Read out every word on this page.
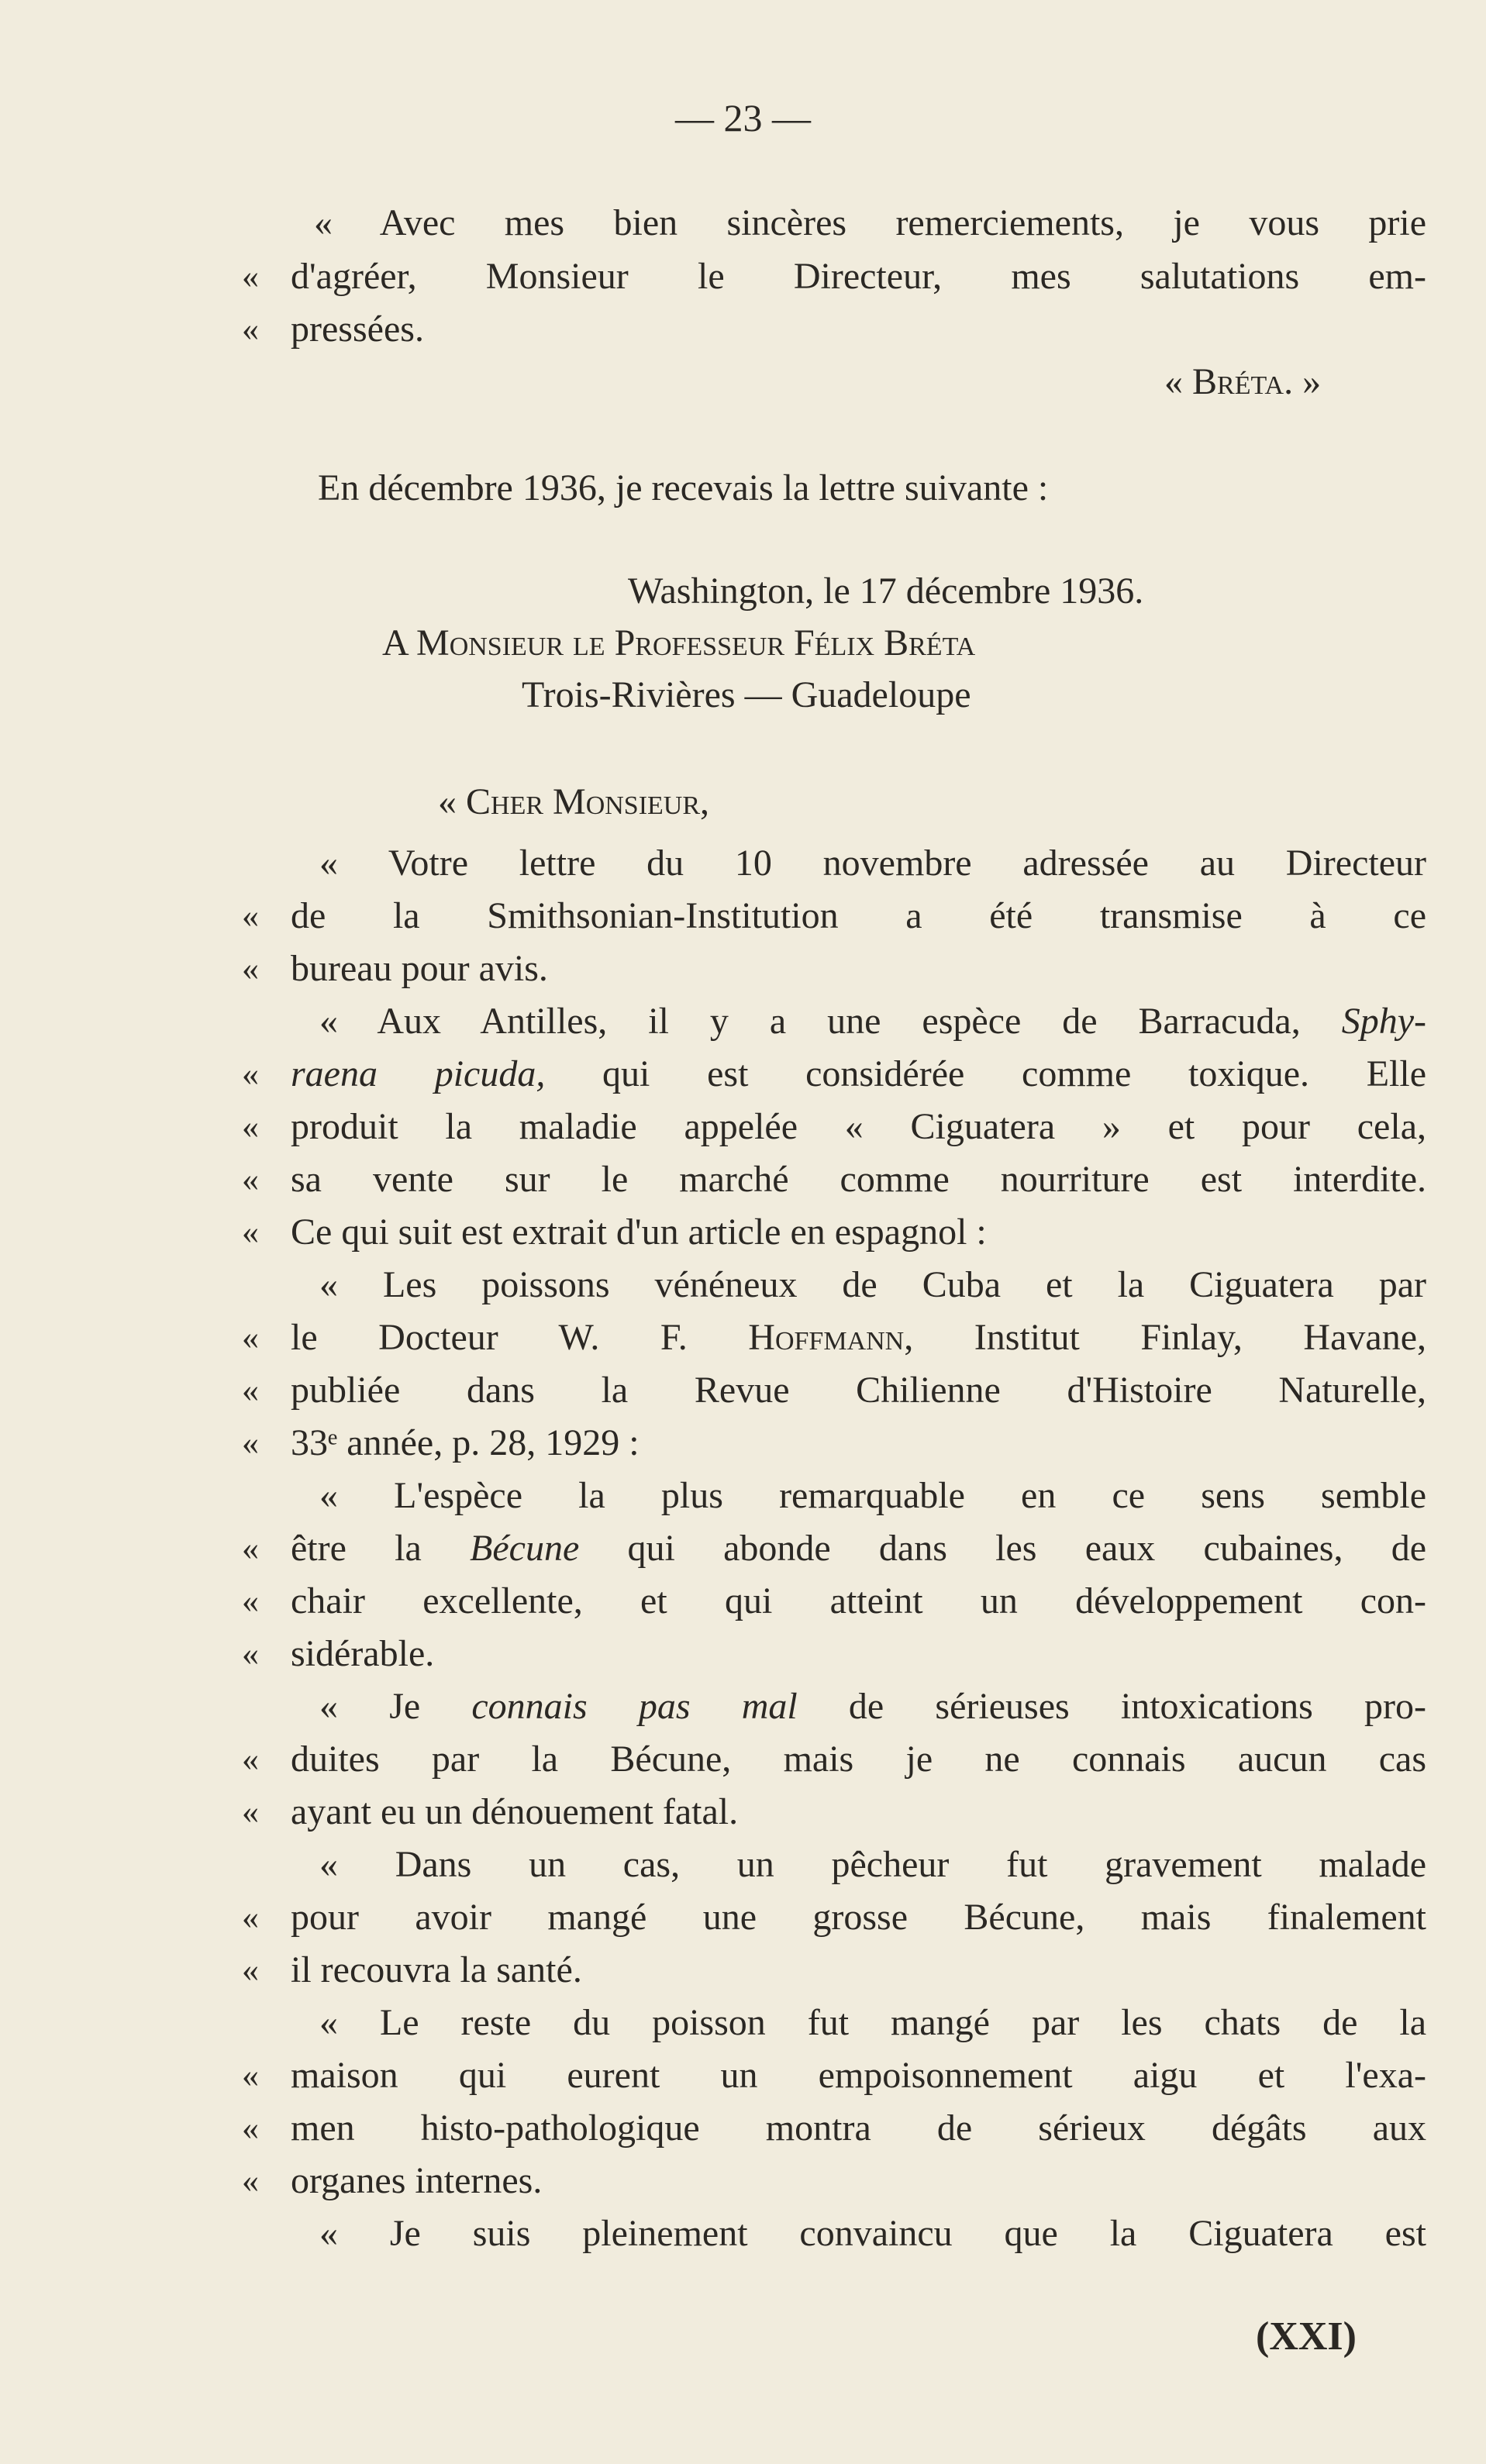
— 23 —
« Avec mes bien sincères remerciements, je vous prie
« d'agréer, Monsieur le Directeur, mes salutations em-
« pressées.
« Bréta. »
En décembre 1936, je recevais la lettre suivante :
Washington, le 17 décembre 1936.
A Monsieur le Professeur Félix Bréta
Trois-Rivières — Guadeloupe
« Cher Monsieur,
« Votre lettre du 10 novembre adressée au Directeur
« de la Smithsonian-Institution a été transmise à ce
« bureau pour avis.
« Aux Antilles, il y a une espèce de Barracuda, Sphy-
« raena picuda, qui est considérée comme toxique. Elle
« produit la maladie appelée « Ciguatera » et pour cela,
« sa vente sur le marché comme nourriture est interdite.
« Ce qui suit est extrait d'un article en espagnol :
« Les poissons vénéneux de Cuba et la Ciguatera par
« le Docteur W. F. Hoffmann, Institut Finlay, Havane,
« publiée dans la Revue Chilienne d'Histoire Naturelle,
« 33ᵉ année, p. 28, 1929 :
« L'espèce la plus remarquable en ce sens semble
« être la Bécune qui abonde dans les eaux cubaines, de
« chair excellente, et qui atteint un développement con-
« sidérable.
« Je connais pas mal de sérieuses intoxications pro-
« duites par la Bécune, mais je ne connais aucun cas
« ayant eu un dénouement fatal.
« Dans un cas, un pêcheur fut gravement malade
« pour avoir mangé une grosse Bécune, mais finalement
« il recouvra la santé.
« Le reste du poisson fut mangé par les chats de la
« maison qui eurent un empoisonnement aigu et l'exa-
« men histo-pathologique montra de sérieux dégâts aux
« organes internes.
« Je suis pleinement convaincu que la Ciguatera est
(XXI)
